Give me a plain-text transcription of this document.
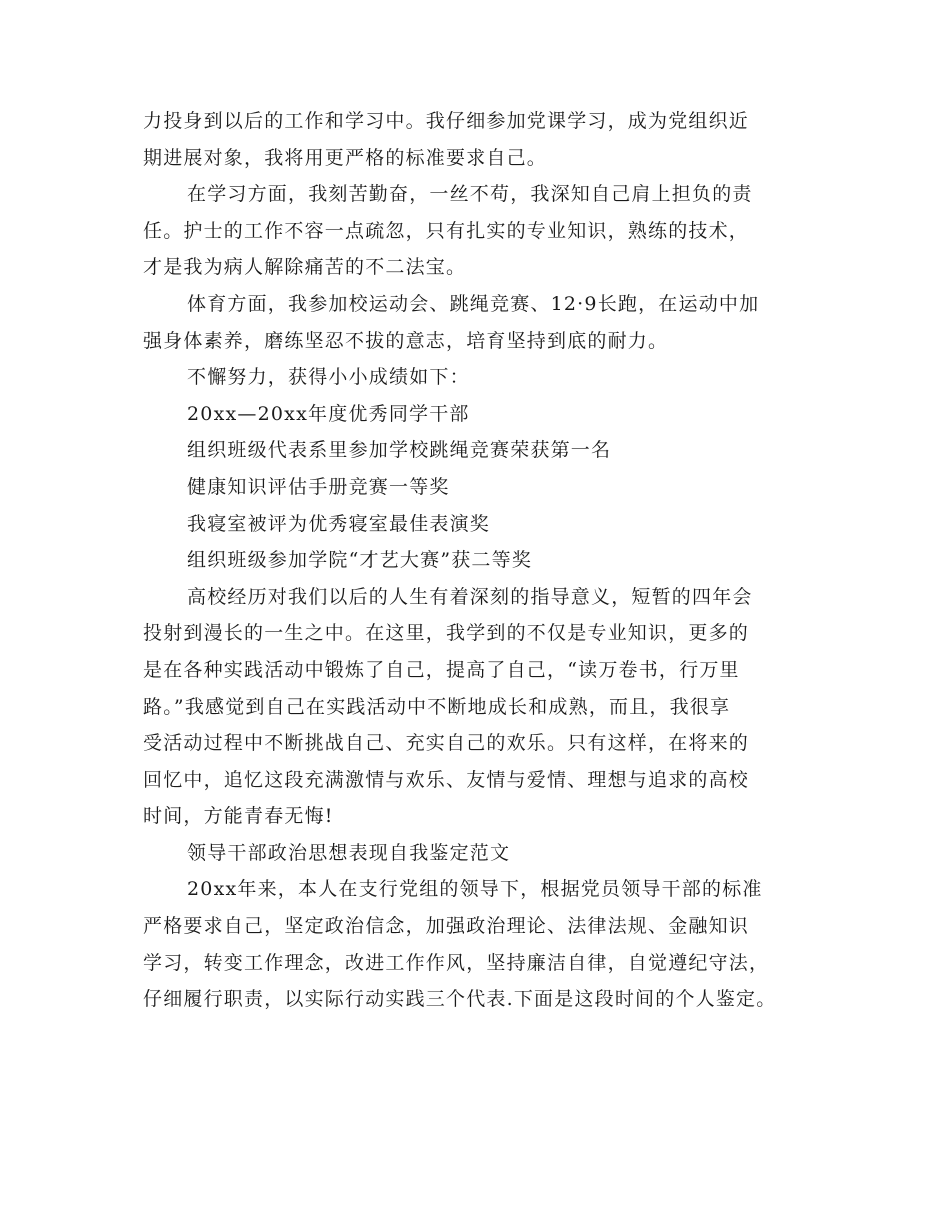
力投身到以后的工作和学习中。我仔细参加党课学习，成为党组织近
期进展对象，我将用更严格的标准要求自己。
在学习方面，我刻苦勤奋，一丝不苟，我深知自己肩上担负的责
任。护士的工作不容一点疏忽，只有扎实的专业知识，熟练的技术，
才是我为病人解除痛苦的不二法宝。
体育方面，我参加校运动会、跳绳竞赛、12·9长跑，在运动中加
强身体素养，磨练坚忍不拔的意志，培育坚持到底的耐力。
不懈努力，获得小小成绩如下：
20xx—20xx年度优秀同学干部
组织班级代表系里参加学校跳绳竞赛荣获第一名
健康知识评估手册竞赛一等奖
我寝室被评为优秀寝室最佳表演奖
组织班级参加学院“才艺大赛”获二等奖
高校经历对我们以后的人生有着深刻的指导意义，短暂的四年会
投射到漫长的一生之中。在这里，我学到的不仅是专业知识，更多的
是在各种实践活动中锻炼了自己，提高了自己，“读万卷书，行万里
路。”我感觉到自己在实践活动中不断地成长和成熟，而且，我很享
受活动过程中不断挑战自己、充实自己的欢乐。只有这样，在将来的
回忆中，追忆这段充满激情与欢乐、友情与爱情、理想与追求的高校
时间，方能青春无悔!
领导干部政治思想表现自我鉴定范文
20xx年来，本人在支行党组的领导下，根据党员领导干部的标准
严格要求自己，坚定政治信念，加强政治理论、法律法规、金融知识
学习，转变工作理念，改进工作作风，坚持廉洁自律，自觉遵纪守法，
仔细履行职责，以实际行动实践三个代表.下面是这段时间的个人鉴定。
